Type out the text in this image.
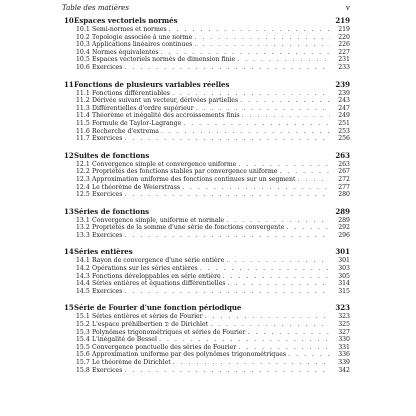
Table des matières	v
10 Espaces vectoriels normés	219
10.1 Semi-normes et normes . . .	219
10.2 Topologie associée à une norme . . .	220
10.3 Applications linéaires continues . . .	226
10.4 Normes équivalentes . . .	227
10.5 Espaces vectoriels normés de dimension finie . . .	231
10.6 Exercices . . .	233
11 Fonctions de plusieurs variables réelles	239
11.1 Fonctions différentiables . . .	239
11.2 Dérivée suivant un vecteur, dérivées partielles . . .	243
11.3 Différentielles d'ordre supérieur . . .	247
11.4 Théorème et inégalité des accroissements finis . . .	249
11.5 Formule de Taylor-Lagrange . . .	251
11.6 Recherche d'extrema . . .	253
11.7 Exercices . . .	256
12 Suites de fonctions	263
12.1 Convergence simple et convergence uniforme . . .	263
12.2 Propriétés des fonctions stables par convergence uniforme . . .	267
12.3 Approximation uniforme des fonctions continues sur un segment . . .	272
12.4 Le théorème de Weierstrass . . .	277
12.5 Exercices . . .	280
13 Séries de fonctions	289
13.1 Convergence simple, uniforme et normale . . .	289
13.2 Propriétés de la somme d'une série de fonctions convergente . . .	292
13.3 Exercices . . .	296
14 Séries entières	301
14.1 Rayon de convergence d'une série entière . . .	301
14.2 Opérations sur les séries entières . . .	303
14.3 Fonctions développables en série entière . . .	305
14.4 Séries entières et équations différentielles . . .	314
14.5 Exercices . . .	315
15 Série de Fourier d'une fonction périodique	323
15.1 Séries entières et séries de Fourier . . .	323
15.2 L'espace préhilbertien 𝔇 de Dirichlet . . .	325
15.3 Polynômes trigonométriques et séries de Fourier . . .	327
15.4 L'inégalité de Bessel . . .	330
15.5 Convergence ponctuelle des séries de Fourier . . .	331
15.6 Approximation uniforme par des polynômes trigonométriques . . .	336
15.7 Le théorème de Dirichlet . . .	339
15.8 Exercices . . .	342
